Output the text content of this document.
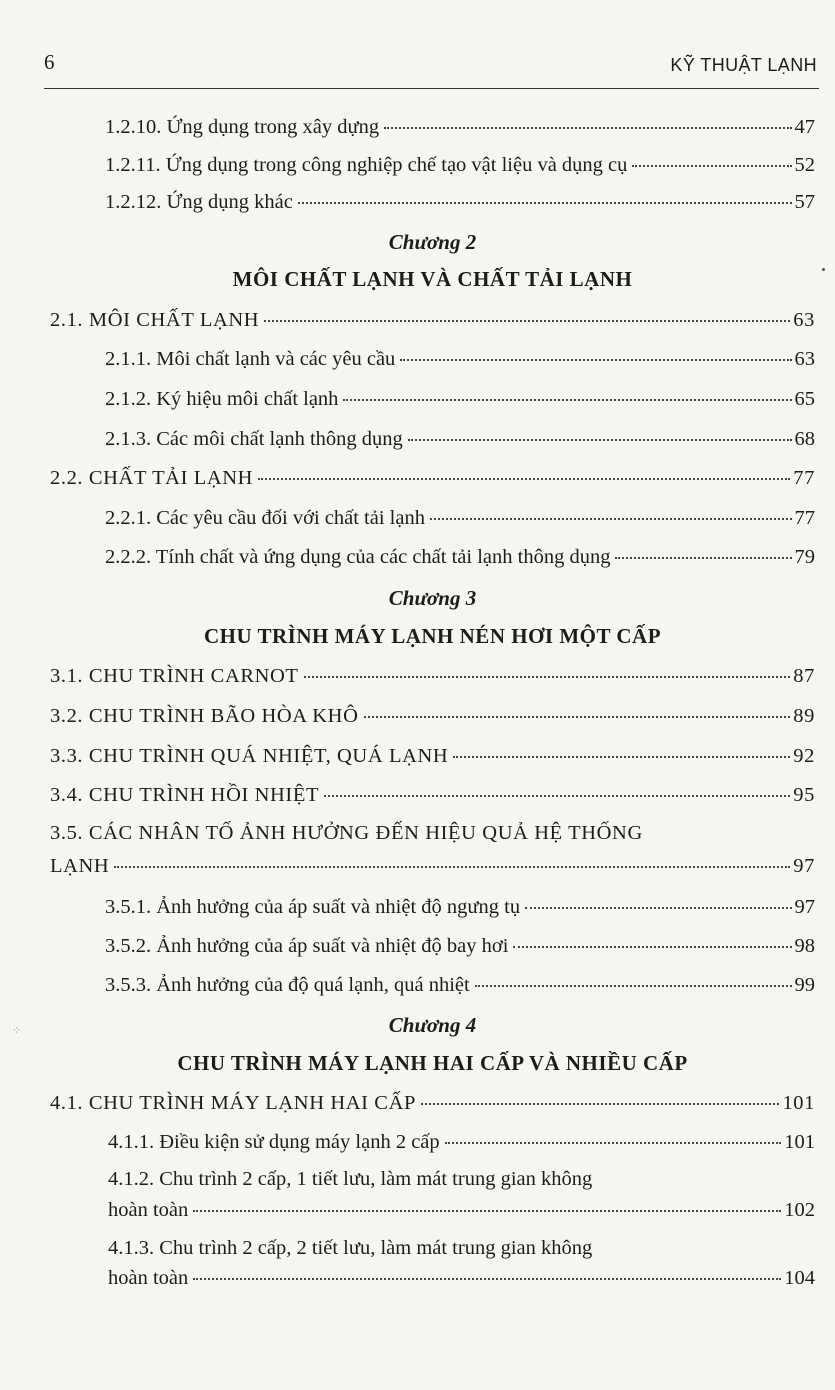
6	KỸ THUẬT LẠNH
1.2.10. Ứng dụng trong xây dựng	47
1.2.11. Ứng dụng trong công nghiệp chế tạo vật liệu và dụng cụ	52
1.2.12. Ứng dụng khác	57
Chương 2
MÔI CHẤT LẠNH VÀ CHẤT TẢI LẠNH
2.1. MÔI CHẤT LẠNH	63
2.1.1. Môi chất lạnh và các yêu cầu	63
2.1.2. Ký hiệu môi chất lạnh	65
2.1.3. Các môi chất lạnh thông dụng	68
2.2. CHẤT TẢI LẠNH	77
2.2.1. Các yêu cầu đối với chất tải lạnh	77
2.2.2. Tính chất và ứng dụng của các chất tải lạnh thông dụng	79
Chương 3
CHU TRÌNH MÁY LẠNH NÉN HƠI MỘT CẤP
3.1. CHU TRÌNH CARNOT	87
3.2. CHU TRÌNH BÃO HÒA KHÔ	89
3.3. CHU TRÌNH QUÁ NHIỆT, QUÁ LẠNH	92
3.4. CHU TRÌNH HỒI NHIỆT	95
3.5. CÁC NHÂN TỐ ẢNH HƯỞNG ĐẾN HIỆU QUẢ HỆ THỐNG
LẠNH	97
3.5.1. Ảnh hưởng của áp suất và nhiệt độ ngưng tụ	97
3.5.2. Ảnh hưởng của áp suất và nhiệt độ bay hơi	98
3.5.3. Ảnh hưởng của độ quá lạnh, quá nhiệt	99
Chương 4
CHU TRÌNH MÁY LẠNH HAI CẤP VÀ NHIỀU CẤP
⁘
4.1. CHU TRÌNH MÁY LẠNH HAI CẤP	101
4.1.1. Điều kiện sử dụng máy lạnh 2 cấp	101
4.1.2. Chu trình 2 cấp, 1 tiết lưu, làm mát trung gian không
hoàn toàn	102
4.1.3. Chu trình 2 cấp, 2 tiết lưu, làm mát trung gian không
hoàn toàn	104
